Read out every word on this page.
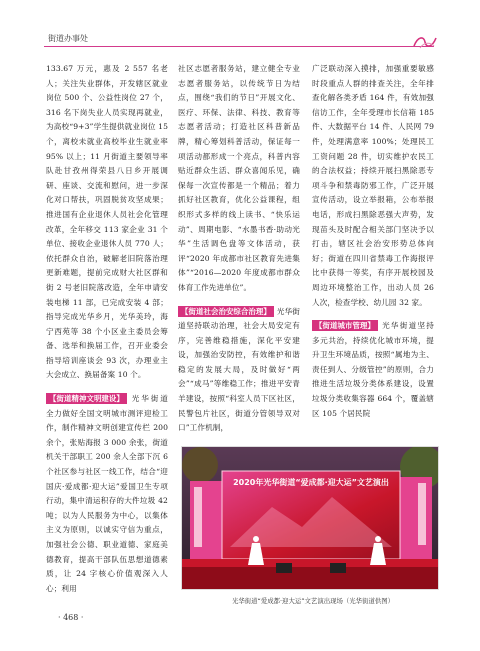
街道办事处

133.67 万元，惠及 2 557 名老人；关注失业群体，开发辖区就业岗位 500 个、公益性岗位 27 个，316 名下岗失业人员实现再就业，为高校“9+3”学生提供就业岗位 15 个，离校未就业高校毕业生就业率 95% 以上；11 月街道主要领导率队赴甘孜州得荣县八日乡开展调研、座谈、交流和慰问，进一步深化对口帮扶，巩固脱贫攻坚成果；推进国有企业退休人员社会化管理改革，全年移交 113 家企业 31 个单位、接收企业退休人员 770 人；依托群众自治，破解老旧院落治理更新难题，提前完成财大社区群和街 2 号老旧院落改造，全年申请安装电梯 11 部，已完成安装 4 部；指导完成光华乡月，光华美玲，海宁西苑等 38 个小区业主委员会筹备、选举和换届工作，召开业委会指导培训座谈会 93 次，办理业主大会成立、换届备案 10 个。

【街道精神文明建设】 光华街道全力做好全国文明城市测评迎检工作，制作精神文明创建宣传栏 200 余个，张贴海报 3 000 余张，街道机关干部职工 200 余人全部下沉 6 个社区参与社区一线工作，结合“迎国庆·爱成都·迎大运”爱国卫生专项行动，集中清运积存的大件垃圾 42 吨；以为人民服务为中心，以集体主义为原则，以诚实守信为重点，加强社会公德、职业道德、家庭美德教育，提高干部队伍思想道德素质，让 24 字核心价值观深入人心；利用

社区志愿者服务站，建立健全专业志愿者服务站，以传统节日为结点，围绕“我们的节日”开展文化、医疗、环保、法律、科技、教育等志愿者活动；打造社区科普新品牌，精心筹划科普活动，保证每一项活动都形成一个亮点，科普内容贴近群众生活、群众喜闻乐见，确保每一次宣传都是一个精品；着力抓好社区教育，优化公益课程，组织形式多样的线上读书、“快乐运动”、周期电影、“水墨书香·助动光华”生活调色盘等文体活动，获评“2020 年成都市社区教育先进集体”“2016—2020 年度成都市群众体育工作先进单位”。

【街道社会治安综合治理】 光华街道坚持联动治理，社会大局安定有序，完善维稳措施，深化平安建设，加强治安防控，有效维护和谐稳定的发展大局，及时做好“两会”“成马”等维稳工作；推进平安青羊建设，按照“科室人员下区社区，民警包片社区，街道分管领导双对口”工作机制，

广泛联动深入摸排，加强重要敏感时段重点人群的排查关注，全年排查化解各类矛盾 164 件，有效加强信访工作，全年受理市长信箱 185 件、大数据平台 14 件、人民网 79 件，处理满意率 100%；处理民工工资问题 28 件，切实维护农民工的合法权益；持续开展扫黑除恶专项斗争和禁毒防邪工作，广泛开展宣传活动，设立举报箱，公布举报电话，形成扫黑除恶强大声势，发现苗头及时配合相关部门坚决予以打击，辖区社会治安形势总体向好；街道在四川省禁毒工作海报评比中获得一等奖，有序开展校园及周边环境整治工作，出动人员 26 人次，检查学校、幼儿园 32 家。

【街道城市管理】 光华街道坚持多元共治，持续优化城市环境，提升卫生环境品质，按照“属地为主、责任到人、分级管控”的原则，合力推进生活垃圾分类体系建设，设置垃圾分类收集容器 664 个，覆盖辖区 105 个居民院

2020年光华街道“爱成都·迎大运”文艺演出
光华街道“爱成都·迎大运”文艺演出现场（光华街道供图）
· 468 ·
